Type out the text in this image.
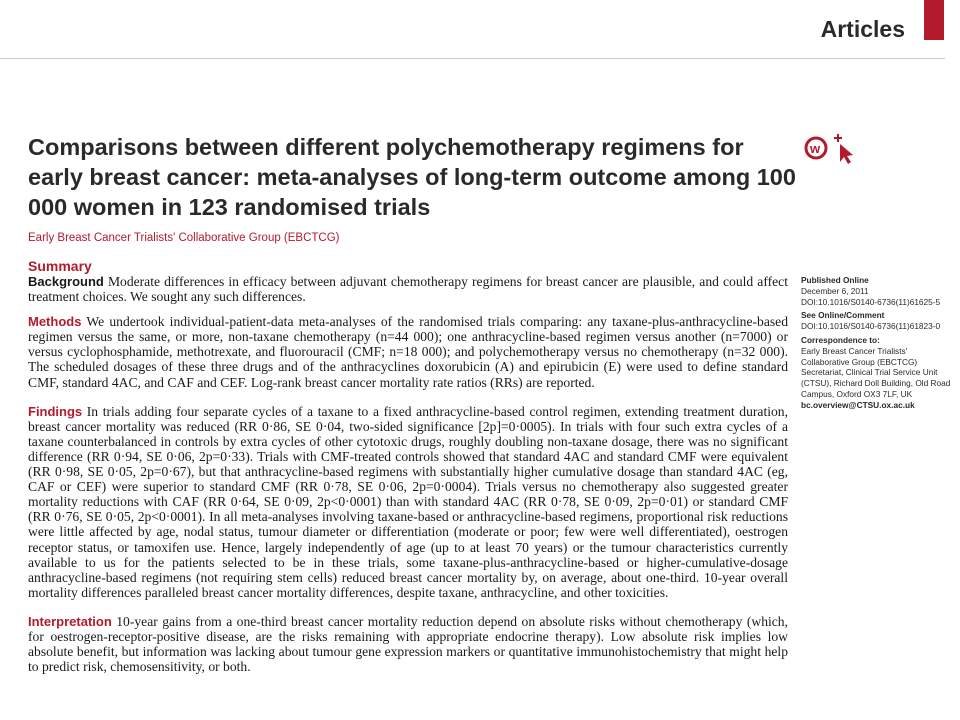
Articles
Comparisons between different polychemotherapy regimens for early breast cancer: meta-analyses of long-term outcome among 100 000 women in 123 randomised trials
w
Early Breast Cancer Trialists' Collaborative Group (EBCTCG)
Summary

Background Moderate differences in efficacy between adjuvant chemotherapy regimens for breast cancer are plausible, and could affect treatment choices. We sought any such differences.

Methods We undertook individual-patient-data meta-analyses of the randomised trials comparing: any taxane-plus-anthracycline-based regimen versus the same, or more, non-taxane chemotherapy (n=44 000); one anthracycline-based regimen versus another (n=7000) or versus cyclophosphamide, methotrexate, and fluorouracil (CMF; n=18 000); and polychemotherapy versus no chemotherapy (n=32 000). The scheduled dosages of these three drugs and of the anthracyclines doxorubicin (A) and epirubicin (E) were used to define standard CMF, standard 4AC, and CAF and CEF. Log-rank breast cancer mortality rate ratios (RRs) are reported.

Findings In trials adding four separate cycles of a taxane to a fixed anthracycline-based control regimen, extending treatment duration, breast cancer mortality was reduced (RR 0·86, SE 0·04, two-sided significance [2p]=0·0005). In trials with four such extra cycles of a taxane counterbalanced in controls by extra cycles of other cytotoxic drugs, roughly doubling non-taxane dosage, there was no significant difference (RR 0·94, SE 0·06, 2p=0·33). Trials with CMF-treated controls showed that standard 4AC and standard CMF were equivalent (RR 0·98, SE 0·05, 2p=0·67), but that anthracycline-based regimens with substantially higher cumulative dosage than standard 4AC (eg, CAF or CEF) were superior to standard CMF (RR 0·78, SE 0·06, 2p=0·0004). Trials versus no chemotherapy also suggested greater mortality reductions with CAF (RR 0·64, SE 0·09, 2p<0·0001) than with standard 4AC (RR 0·78, SE 0·09, 2p=0·01) or standard CMF (RR 0·76, SE 0·05, 2p<0·0001). In all meta-analyses involving taxane-based or anthracycline-based regimens, proportional risk reductions were little affected by age, nodal status, tumour diameter or differentiation (moderate or poor; few were well differentiated), oestrogen receptor status, or tamoxifen use. Hence, largely independently of age (up to at least 70 years) or the tumour characteristics currently available to us for the patients selected to be in these trials, some taxane-plus-anthracycline-based or higher-cumulative-dosage anthracycline-based regimens (not requiring stem cells) reduced breast cancer mortality by, on average, about one-third. 10-year overall mortality differences paralleled breast cancer mortality differences, despite taxane, anthracycline, and other toxicities.

Interpretation 10-year gains from a one-third breast cancer mortality reduction depend on absolute risks without chemotherapy (which, for oestrogen-receptor-positive disease, are the risks remaining with appropriate endocrine therapy). Low absolute risk implies low absolute benefit, but information was lacking about tumour gene expression markers or quantitative immunohistochemistry that might help to predict risk, chemosensitivity, or both.

Published Online
December 6, 2011
DOI:10.1016/S0140-6736(11)61625-5
See Online/Comment
DOI:10.1016/S0140-6736(11)61823-0
Correspondence to:
Early Breast Cancer Trialists' Collaborative Group (EBCTCG) Secretariat, Clinical Trial Service Unit (CTSU), Richard Doll Building, Old Road Campus, Oxford OX3 7LF, UK
bc.overview@CTSU.ox.ac.uk
